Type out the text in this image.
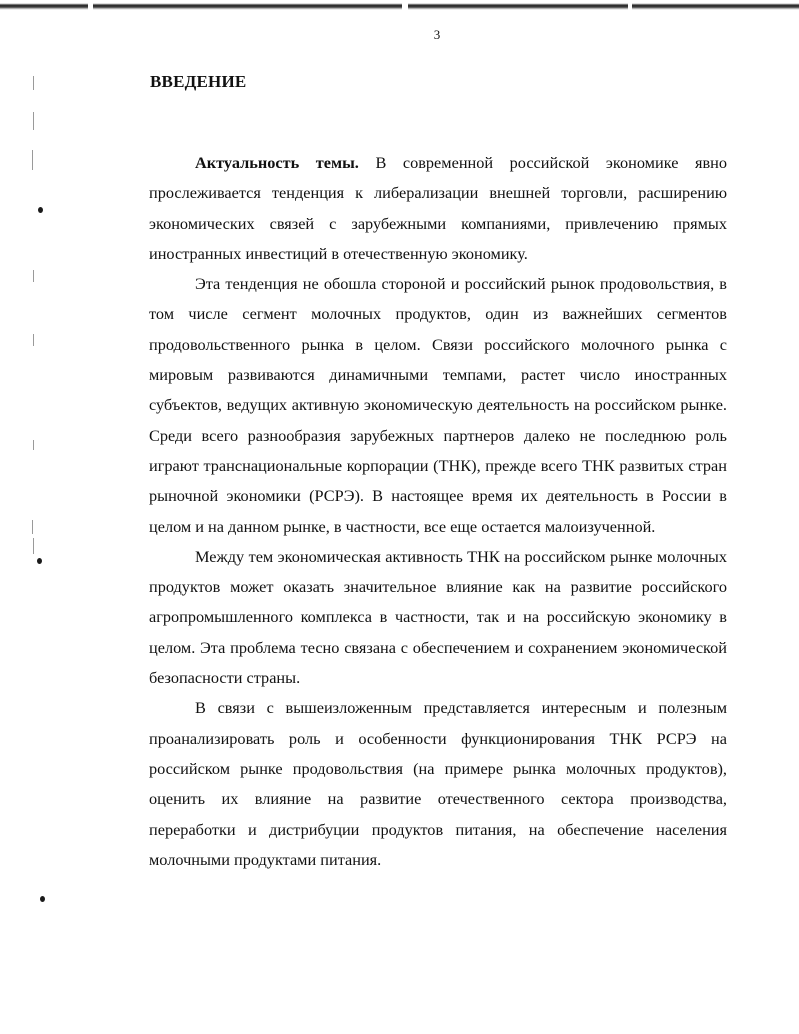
3
ВВЕДЕНИЕ

Актуальность темы. В современной российской экономике явно прослеживается тенденция к либерализации внешней торговли, расширению экономических связей с зарубежными компаниями, привлечению прямых иностранных инвестиций в отечественную экономику.

Эта тенденция не обошла стороной и российский рынок продовольствия, в том числе сегмент молочных продуктов, один из важнейших сегментов продовольственного рынка в целом. Связи российского молочного рынка с мировым развиваются динамичными темпами, растет число иностранных субъектов, ведущих активную экономическую деятельность на российском рынке. Среди всего разнообразия зарубежных партнеров далеко не последнюю роль играют транснациональные корпорации (ТНК), прежде всего ТНК развитых стран рыночной экономики (РСРЭ). В настоящее время их деятельность в России в целом и на данном рынке, в частности, все еще остается малоизученной.

Между тем экономическая активность ТНК на российском рынке молочных продуктов может оказать значительное влияние как на развитие российского агропромышленного комплекса в частности, так и на российскую экономику в целом. Эта проблема тесно связана с обеспечением и сохранением экономической безопасности страны.

В связи с вышеизложенным представляется интересным и полезным проанализировать роль и особенности функционирования ТНК РСРЭ на российском рынке продовольствия (на примере рынка молочных продуктов), оценить их влияние на развитие отечественного сектора производства, переработки и дистрибуции продуктов питания, на обеспечение населения молочными продуктами питания.
